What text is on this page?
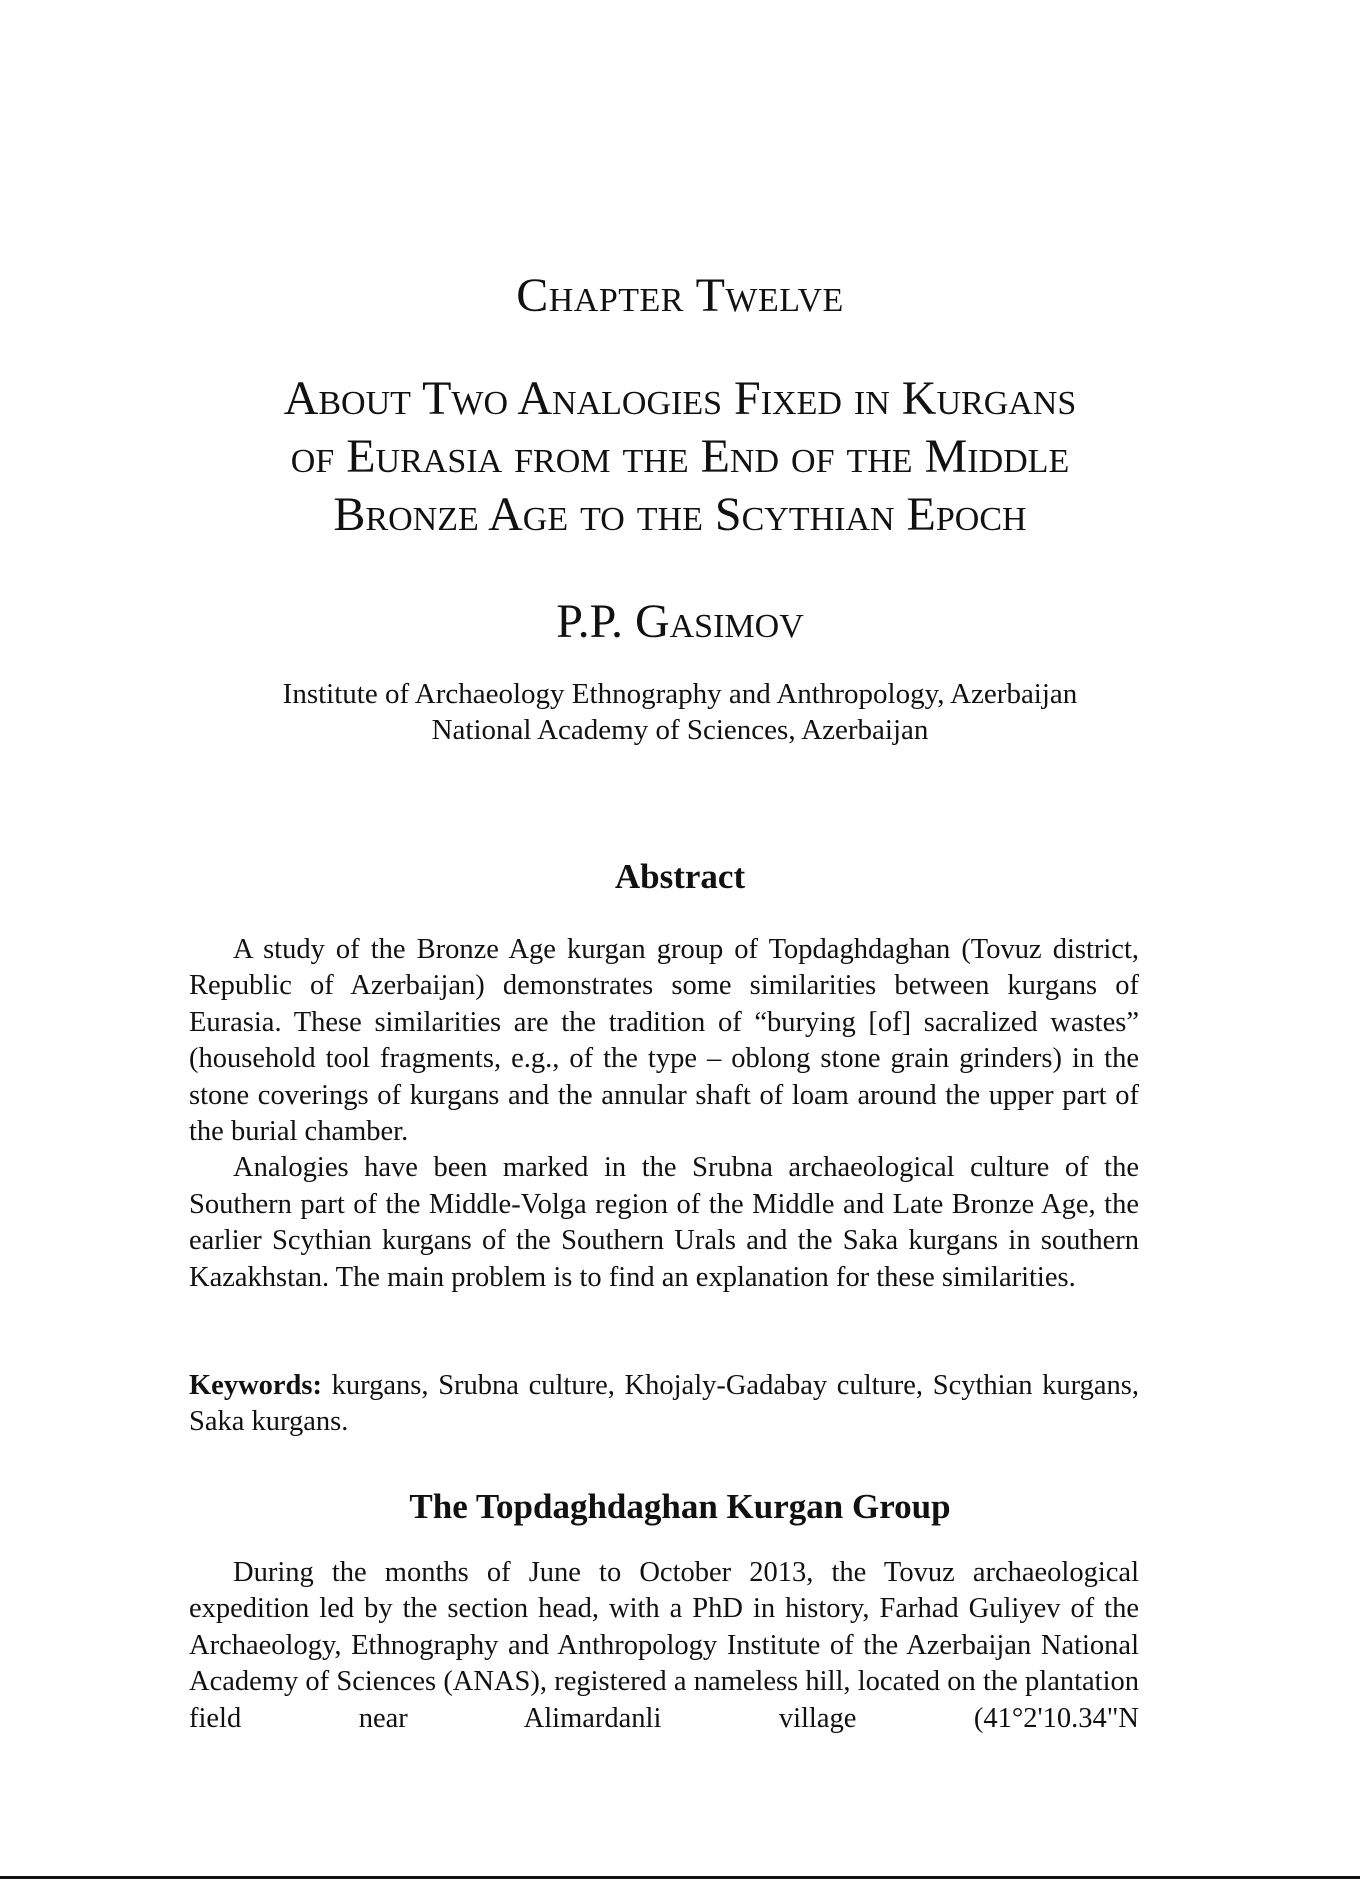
Chapter Twelve
About Two Analogies Fixed in Kurgans
of Eurasia from the End of the Middle
Bronze Age to the Scythian Epoch
P.P. Gasimov
Institute of Archaeology Ethnography and Anthropology, Azerbaijan
National Academy of Sciences, Azerbaijan
Abstract

A study of the Bronze Age kurgan group of Topdaghdaghan (Tovuz district, Republic of Azerbaijan) demonstrates some similarities between kurgans of Eurasia. These similarities are the tradition of “burying [of] sacralized wastes” (household tool fragments, e.g., of the type – oblong stone grain grinders) in the stone coverings of kurgans and the annular shaft of loam around the upper part of the burial chamber.

Analogies have been marked in the Srubna archaeological culture of the Southern part of the Middle-Volga region of the Middle and Late Bronze Age, the earlier Scythian kurgans of the Southern Urals and the Saka kurgans in southern Kazakhstan. The main problem is to find an explanation for these similarities.

Keywords: kurgans, Srubna culture, Khojaly-Gadabay culture, Scythian kurgans, Saka kurgans.

The Topdaghdaghan Kurgan Group

During the months of June to October 2013, the Tovuz archaeological expedition led by the section head, with a PhD in history, Farhad Guliyev of the Archaeology, Ethnography and Anthropology Institute of the Azerbaijan National Academy of Sciences (ANAS), registered a nameless hill, located on the plantation field near Alimardanli village (41°2'10.34"N
